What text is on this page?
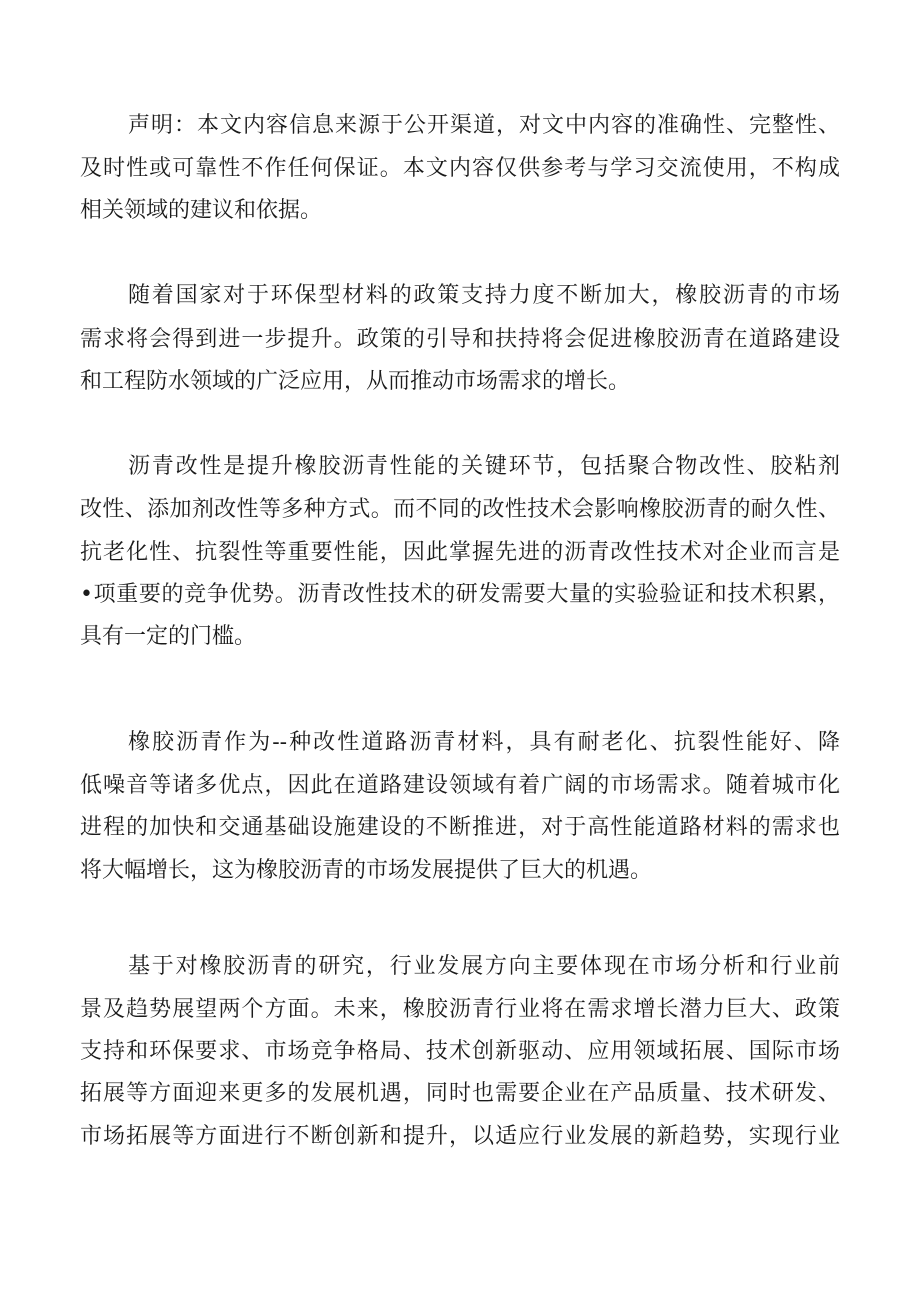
声明：本文内容信息来源于公开渠道，对文中内容的准确性、完整性、
及时性或可靠性不作任何保证。本文内容仅供参考与学习交流使用，不构成
相关领域的建议和依据。

随着国家对于环保型材料的政策支持力度不断加大，橡胶沥青的市场
需求将会得到进一步提升。政策的引导和扶持将会促进橡胶沥青在道路建设
和工程防水领域的广泛应用，从而推动市场需求的增长。

沥青改性是提升橡胶沥青性能的关键环节，包括聚合物改性、胶粘剂
改性、添加剂改性等多种方式。而不同的改性技术会影响橡胶沥青的耐久性、
抗老化性、抗裂性等重要性能，因此掌握先进的沥青改性技术对企业而言是
•项重要的竞争优势。沥青改性技术的研发需要大量的实验验证和技术积累，
具有一定的门槛。

橡胶沥青作为--种改性道路沥青材料，具有耐老化、抗裂性能好、降
低噪音等诸多优点，因此在道路建设领域有着广阔的市场需求。随着城市化
进程的加快和交通基础设施建设的不断推进，对于高性能道路材料的需求也
将大幅增长，这为橡胶沥青的市场发展提供了巨大的机遇。

基于对橡胶沥青的研究，行业发展方向主要体现在市场分析和行业前
景及趋势展望两个方面。未来，橡胶沥青行业将在需求增长潜力巨大、政策
支持和环保要求、市场竞争格局、技术创新驱动、应用领域拓展、国际市场
拓展等方面迎来更多的发展机遇，同时也需要企业在产品质量、技术研发、
市场拓展等方面进行不断创新和提升，以适应行业发展的新趋势，实现行业
